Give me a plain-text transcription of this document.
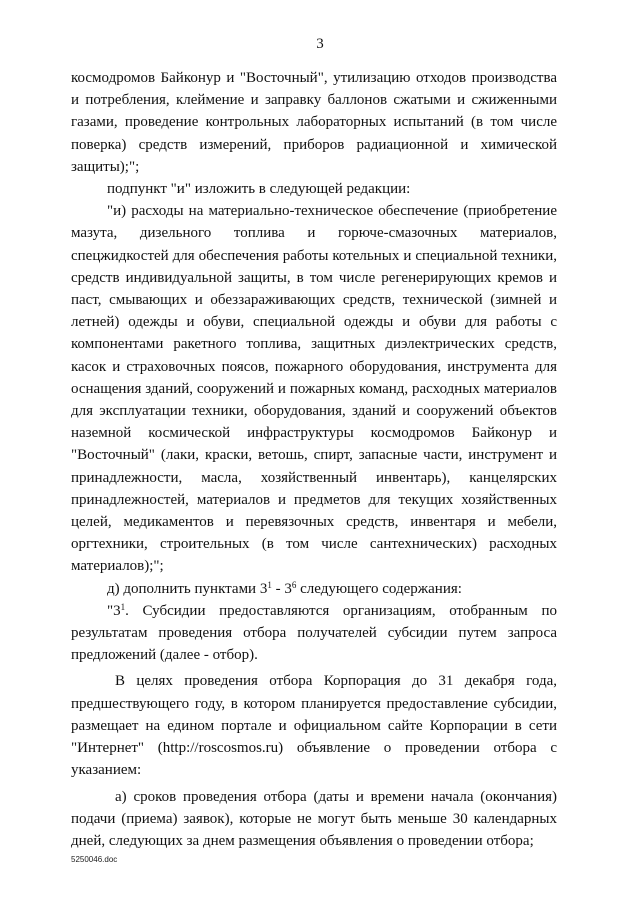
3

космодромов Байконур и "Восточный", утилизацию отходов производства и потребления, клеймение и заправку баллонов сжатыми и сжиженными газами, проведение контрольных лабораторных испытаний (в том числе поверка) средств измерений, приборов радиационной и химической защиты);";

подпункт "и" изложить в следующей редакции:

"и) расходы на материально-техническое обеспечение (приобретение мазута, дизельного топлива и горюче-смазочных материалов, спецжидкостей для обеспечения работы котельных и специальной техники, средств индивидуальной защиты, в том числе регенерирующих кремов и паст, смывающих и обеззараживающих средств, технической (зимней и летней) одежды и обуви, специальной одежды и обуви для работы с компонентами ракетного топлива, защитных диэлектрических средств, касок и страховочных поясов, пожарного оборудования, инструмента для оснащения зданий, сооружений и пожарных команд, расходных материалов для эксплуатации техники, оборудования, зданий и сооружений объектов наземной космической инфраструктуры космодромов Байконур и "Восточный" (лаки, краски, ветошь, спирт, запасные части, инструмент и принадлежности, масла, хозяйственный инвентарь), канцелярских принадлежностей, материалов и предметов для текущих хозяйственных целей, медикаментов и перевязочных средств, инвентаря и мебели, оргтехники, строительных (в том числе сантехнических) расходных материалов);";

д) дополнить пунктами $3^1 - 3^6$ следующего содержания:

"$3^1$. Субсидии предоставляются организациям, отобранным по результатам проведения отбора получателей субсидии путем запроса предложений (далее - отбор).

В целях проведения отбора Корпорация до 31 декабря года, предшествующего году, в котором планируется предоставление субсидии, размещает на едином портале и официальном сайте Корпорации в сети "Интернет" (http://roscosmos.ru) объявление о проведении отбора с указанием:

а) сроков проведения отбора (даты и времени начала (окончания) подачи (приема) заявок), которые не могут быть меньше 30 календарных дней, следующих за днем размещения объявления о проведении отбора;

5250046.doc
